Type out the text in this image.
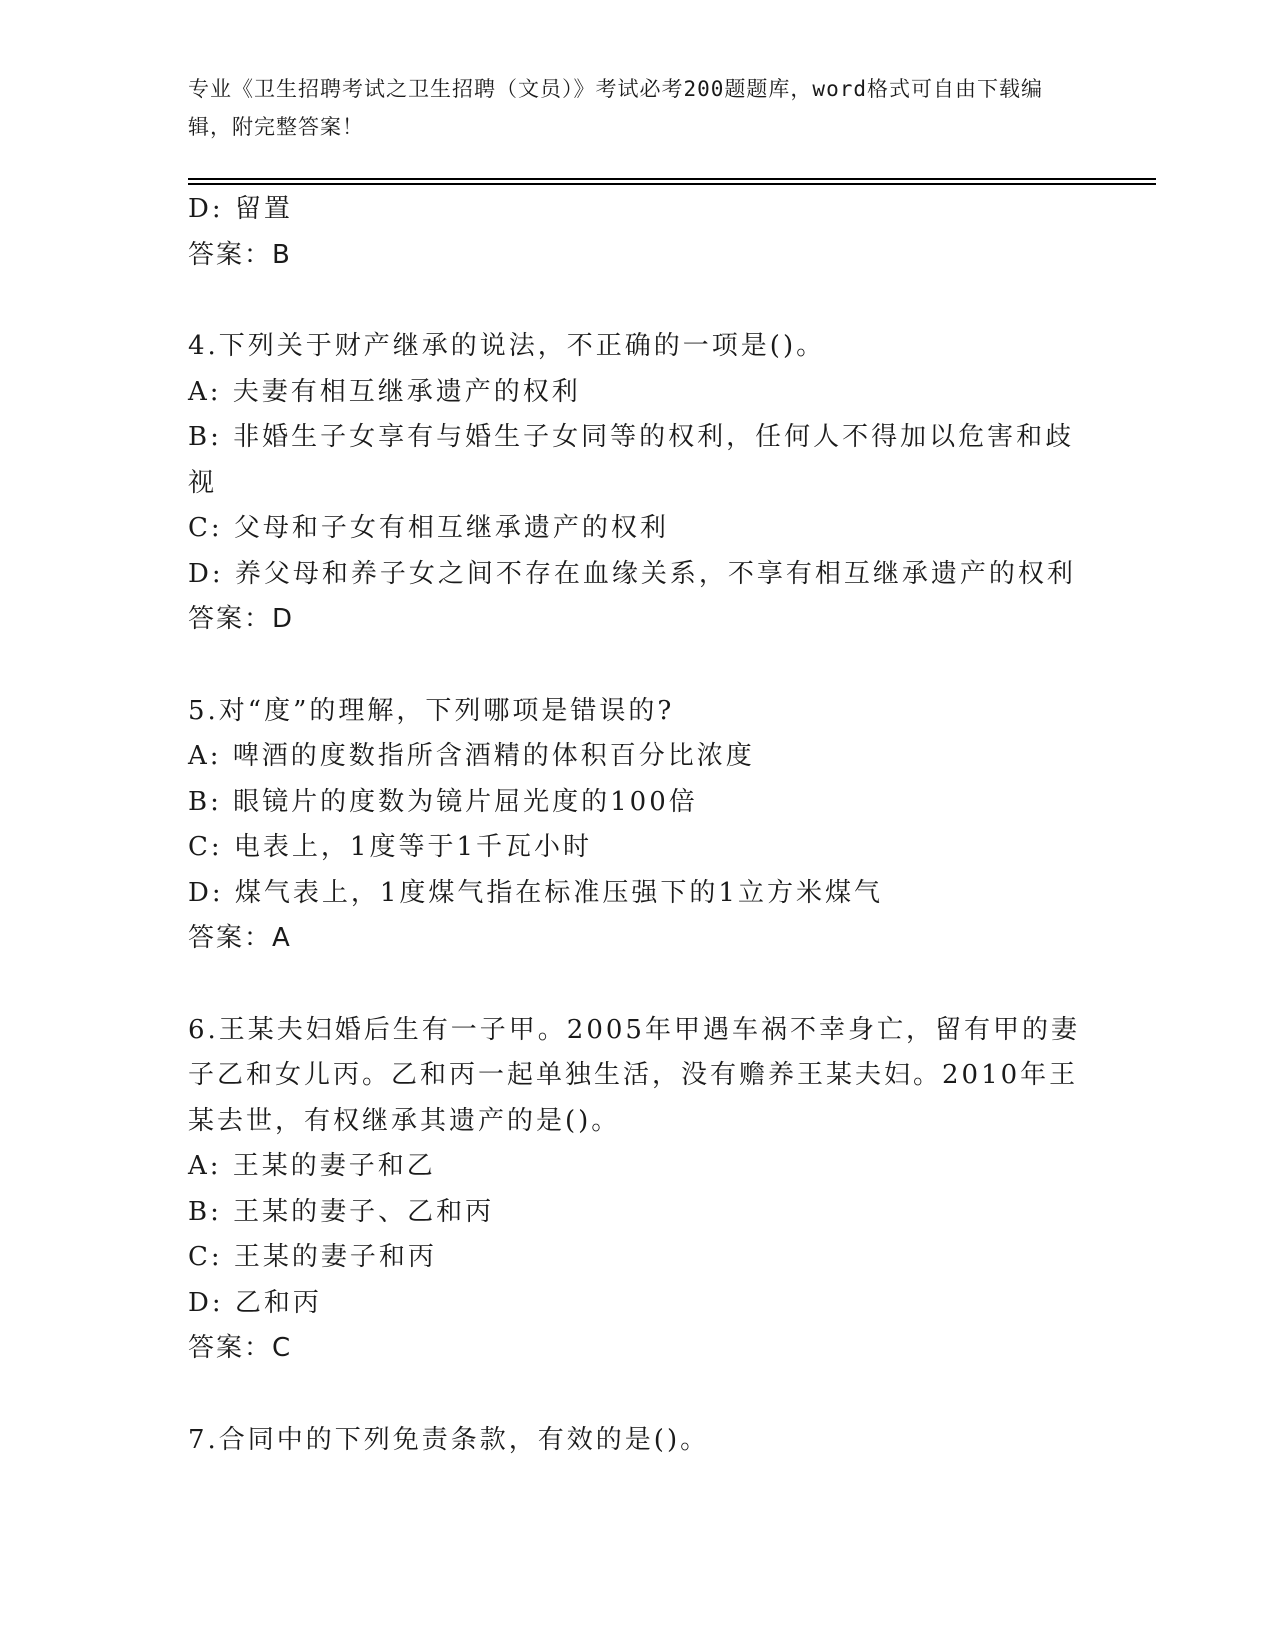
专业《卫生招聘考试之卫生招聘（文员）》考试必考200题题库，word格式可自由下载编辑，附完整答案！
D: 留置
答案：B
4.下列关于财产继承的说法，不正确的一项是()。
A: 夫妻有相互继承遗产的权利
B: 非婚生子女享有与婚生子女同等的权利，任何人不得加以危害和歧视
C: 父母和子女有相互继承遗产的权利
D: 养父母和养子女之间不存在血缘关系，不享有相互继承遗产的权利
答案：D
5.对“度”的理解，下列哪项是错误的?
A: 啤酒的度数指所含酒精的体积百分比浓度
B: 眼镜片的度数为镜片屈光度的100倍
C: 电表上，1度等于1千瓦小时
D: 煤气表上，1度煤气指在标准压强下的1立方米煤气
答案：A
6.王某夫妇婚后生有一子甲。2005年甲遇车祸不幸身亡，留有甲的妻子乙和女儿丙。乙和丙一起单独生活，没有赡养王某夫妇。2010年王某去世，有权继承其遗产的是()。
A: 王某的妻子和乙
B: 王某的妻子、乙和丙
C: 王某的妻子和丙
D: 乙和丙
答案：C
7.合同中的下列免责条款，有效的是()。
